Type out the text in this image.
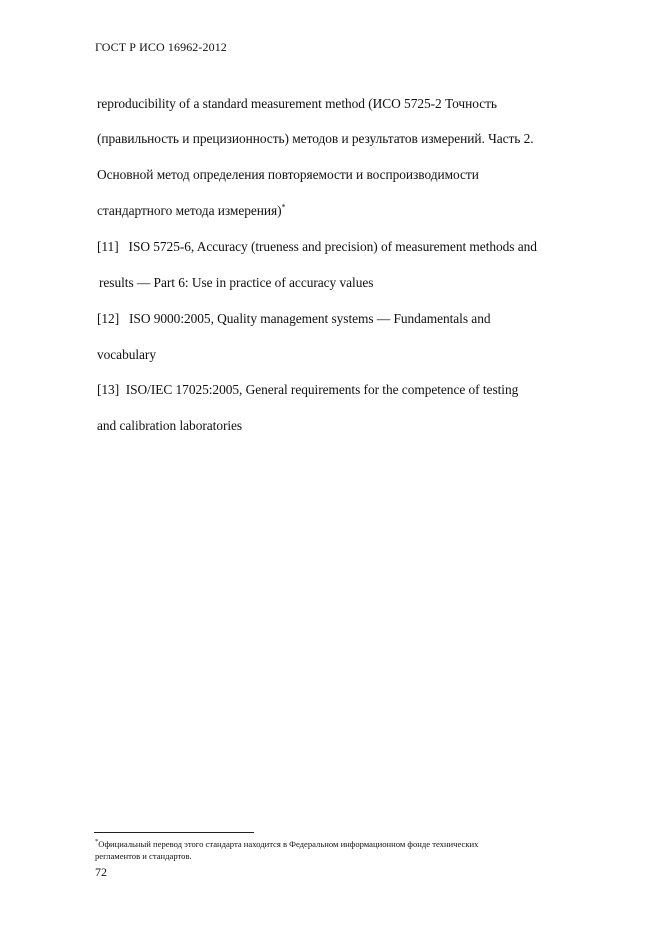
ГОСТ Р ИСО 16962-2012
reproducibility of a standard measurement method (ИСО 5725-2 Точность
(правильность и прецизионность) методов и результатов измерений. Часть 2.
Основной метод определения повторяемости и воспроизводимости
стандартного метода измерения)*
[11] ISO 5725-6, Accuracy (trueness and precision) of measurement methods and
results — Part 6: Use in practice of accuracy values
[12] ISO 9000:2005, Quality management systems — Fundamentals and
vocabulary
[13] ISO/IEC 17025:2005, General requirements for the competence of testing
and calibration laboratories
*Официальный перевод этого стандарта находится в Федеральном информационном фонде технических
регламентов и стандартов.
72
